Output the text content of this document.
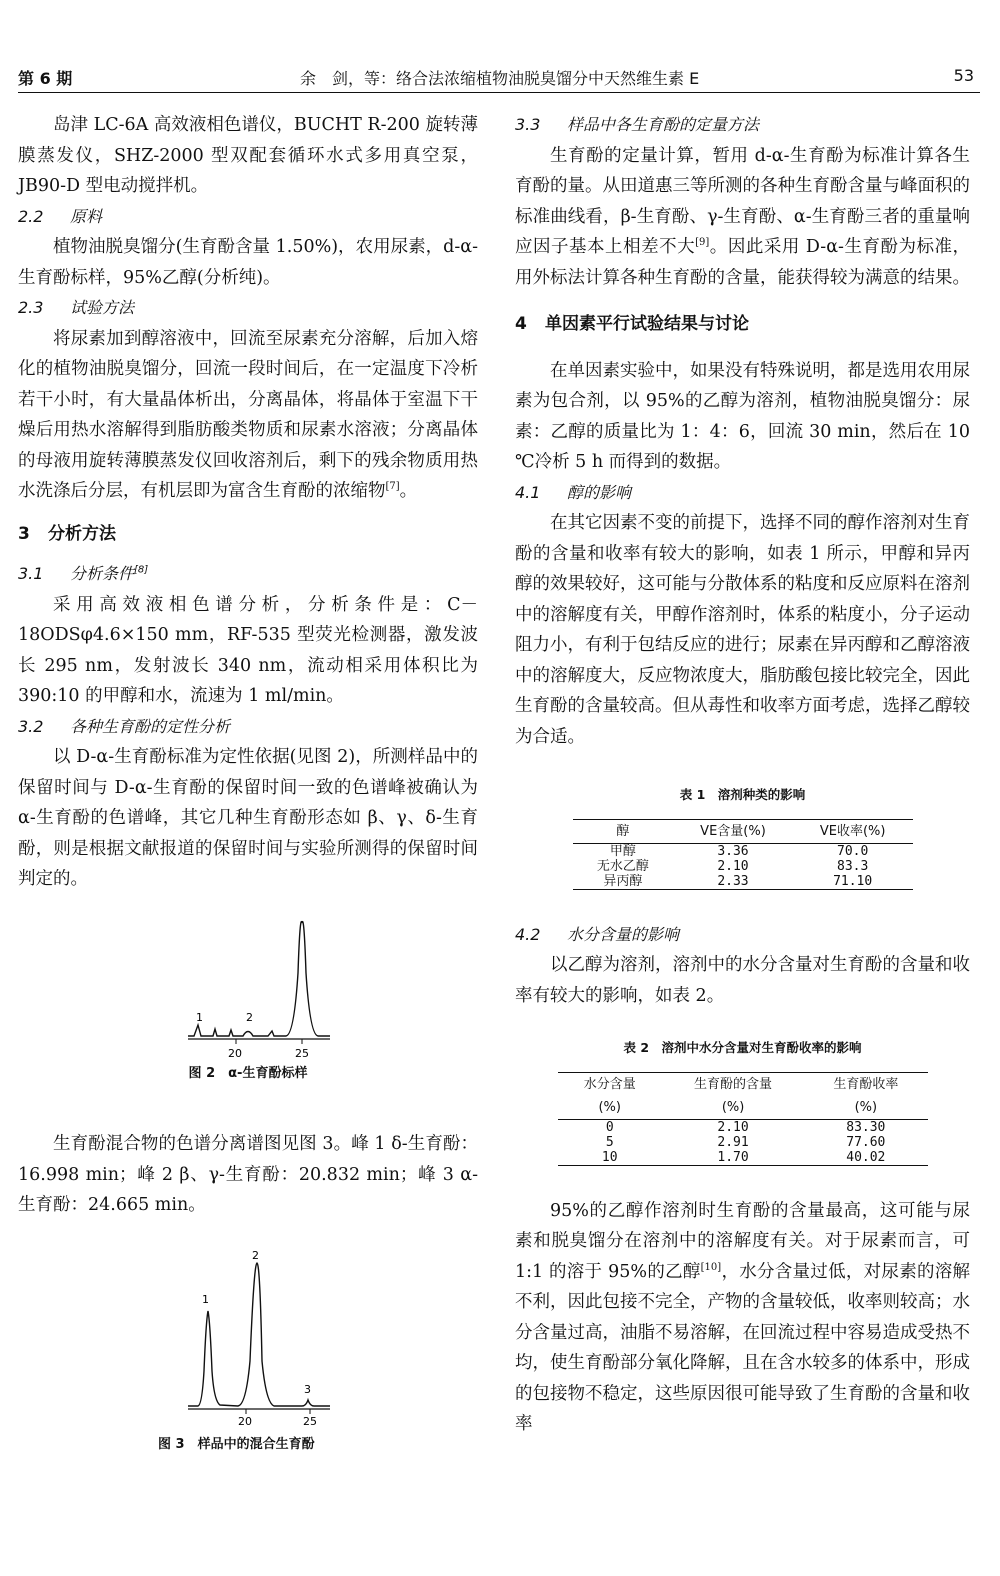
第 6 期	余　剑，等：络合法浓缩植物油脱臭馏分中天然维生素 E	53

岛津 LC-6A 高效液相色谱仪，BUCHT R-200 旋转薄膜蒸发仪，SHZ-2000 型双配套循环水式多用真空泵，JB90-D 型电动搅拌机。

2.2 原料

植物油脱臭馏分(生育酚含量 1.50%)，农用尿素，d-α-生育酚标样，95%乙醇(分析纯)。

2.3 试验方法

将尿素加到醇溶液中，回流至尿素充分溶解，后加入熔化的植物油脱臭馏分，回流一段时间后，在一定温度下冷析若干小时，有大量晶体析出，分离晶体，将晶体于室温下干燥后用热水溶解得到脂肪酸类物质和尿素水溶液；分离晶体的母液用旋转薄膜蒸发仪回收溶剂后，剩下的残余物质用热水洗涤后分层，有机层即为富含生育酚的浓缩物[7]。

3 分析方法
3.1 分析条件[8]

采用高效液相色谱分析，分析条件是：C－18ODSφ4.6×150 mm，RF-535 型荧光检测器，激发波长 295 nm，发射波长 340 nm，流动相采用体积比为 390:10 的甲醇和水，流速为 1 ml/min。

3.2 各种生育酚的定性分析

以 D-α-生育酚标准为定性依据(见图 2)，所测样品中的保留时间与 D-α-生育酚的保留时间一致的色谱峰被确认为 α-生育酚的色谱峰，其它几种生育酚形态如 β、γ、δ-生育酚，则是根据文献报道的保留时间与实验所测得的保留时间判定的。

1	2
20	25
图 2　α-生育酚标样

生育酚混合物的色谱分离谱图见图 3。峰 1 δ-生育酚：16.998 min；峰 2 β、γ-生育酚：20.832 min；峰 3 α-生育酚：24.665 min。

1
2
3
20	25
图 3　样品中的混合生育酚
3.3 样品中各生育酚的定量方法

生育酚的定量计算，暂用 d-α-生育酚为标准计算各生育酚的量。从田道惠三等所测的各种生育酚含量与峰面积的标准曲线看，β-生育酚、γ-生育酚、α-生育酚三者的重量响应因子基本上相差不大[9]。因此采用 D-α-生育酚为标准，用外标法计算各种生育酚的含量，能获得较为满意的结果。

4 单因素平行试验结果与讨论

在单因素实验中，如果没有特殊说明，都是选用农用尿素为包合剂，以 95%的乙醇为溶剂，植物油脱臭馏分：尿素：乙醇的质量比为 1：4：6，回流 30 min，然后在 10 ℃冷析 5 h 而得到的数据。

4.1 醇的影响

在其它因素不变的前提下，选择不同的醇作溶剂对生育酚的含量和收率有较大的影响，如表 1 所示，甲醇和异丙醇的效果较好，这可能与分散体系的粘度和反应原料在溶剂中的溶解度有关，甲醇作溶剂时，体系的粘度小，分子运动阻力小，有利于包结反应的进行；尿素在异丙醇和乙醇溶液中的溶解度大，反应物浓度大，脂肪酸包接比较完全，因此生育酚的含量较高。但从毒性和收率方面考虑，选择乙醇较为合适。

表 1　溶剂种类的影响
醇	VE含量(%)	VE收率(%)
甲醇	3.36	70.0
无水乙醇	2.10	83.3
异丙醇	2.33	71.10
4.2 水分含量的影响

以乙醇为溶剂，溶剂中的水分含量对生育酚的含量和收率有较大的影响，如表 2。

表 2　溶剂中水分含量对生育酚收率的影响
水分含量	生育酚的含量	生育酚收率
(%)	(%)	(%)
0	2.10	83.30
5	2.91	77.60
10	1.70	40.02

95%的乙醇作溶剂时生育酚的含量最高，这可能与尿素和脱臭馏分在溶剂中的溶解度有关。对于尿素而言，可 1:1 的溶于 95%的乙醇[10]，水分含量过低，对尿素的溶解不利，因此包接不完全，产物的含量较低，收率则较高；水分含量过高，油脂不易溶解，在回流过程中容易造成受热不均，使生育酚部分氧化降解，且在含水较多的体系中，形成的包接物不稳定，这些原因很可能导致了生育酚的含量和收率
